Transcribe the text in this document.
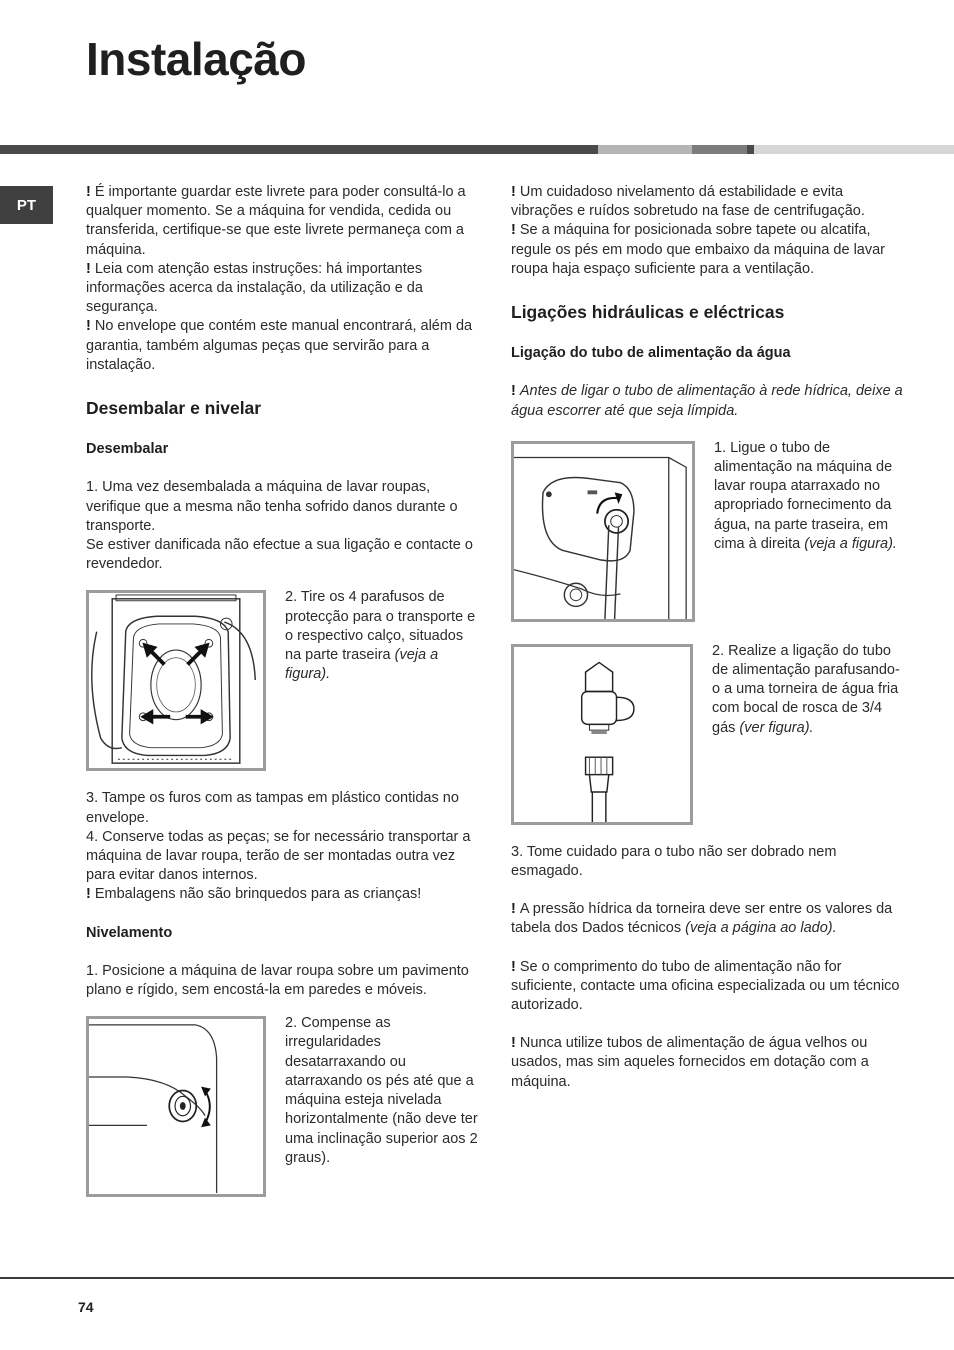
Instalação
PT

! É importante guardar este livrete para poder consultá-lo a qualquer momento. Se a máquina for vendida, cedida ou transferida, certifique-se que este livrete permaneça com a máquina.

! Leia com atenção estas instruções: há importantes informações acerca da instalação, da utilização e da segurança.

! No envelope que contém este manual encontrará, além da garantia, também algumas peças que servirão para a instalação.

Desembalar e nivelar

Desembalar

1. Uma vez desembalada a máquina de lavar roupas, verifique que a mesma não tenha sofrido danos durante o transporte.

Se estiver danificada não efectue a sua ligação e contacte o revendedor.

2. Tire os 4 parafusos de protecção para o transporte e o respectivo calço, situados na parte traseira (veja a figura).

3. Tampe os furos com as tampas em plástico contidas no envelope.

4. Conserve todas as peças; se for necessário transportar a máquina de lavar roupa, terão de ser montadas outra vez para evitar danos internos.

! Embalagens não são brinquedos para as crianças!

Nivelamento

1. Posicione a máquina de lavar roupa sobre um pavimento plano e rígido, sem encostá-la em paredes e móveis.

2. Compense as irregularidades desatarraxando ou atarraxando os pés até que a máquina esteja nivelada horizontalmente (não deve ter uma inclinação superior aos 2 graus).

! Um cuidadoso nivelamento dá estabilidade e evita vibrações e ruídos sobretudo na fase de centrifugação.

! Se a máquina for posicionada sobre tapete ou alcatifa, regule os pés em modo que embaixo da máquina de lavar roupa haja espaço suficiente para a ventilação.

Ligações hidráulicas e eléctricas

Ligação do tubo de alimentação da água

! Antes de ligar o tubo de alimentação à rede hídrica, deixe a água escorrer até que seja límpida.

1. Ligue o tubo de alimentação na máquina de lavar roupa atarraxado no apropriado fornecimento da água, na parte traseira, em cima à direita (veja a figura).
2. Realize a ligação do tubo de alimentação parafusando-o a uma torneira de água fria com bocal de rosca de 3/4 gás (ver figura).

3. Tome cuidado para o tubo não ser dobrado nem esmagado.

! A pressão hídrica da torneira deve ser entre os valores da tabela dos Dados técnicos (veja a página ao lado).

! Se o comprimento do tubo de alimentação não for suficiente, contacte uma oficina especializada ou um técnico autorizado.

! Nunca utilize tubos de alimentação de água velhos ou usados, mas sim aqueles fornecidos em dotação com a máquina.

74
